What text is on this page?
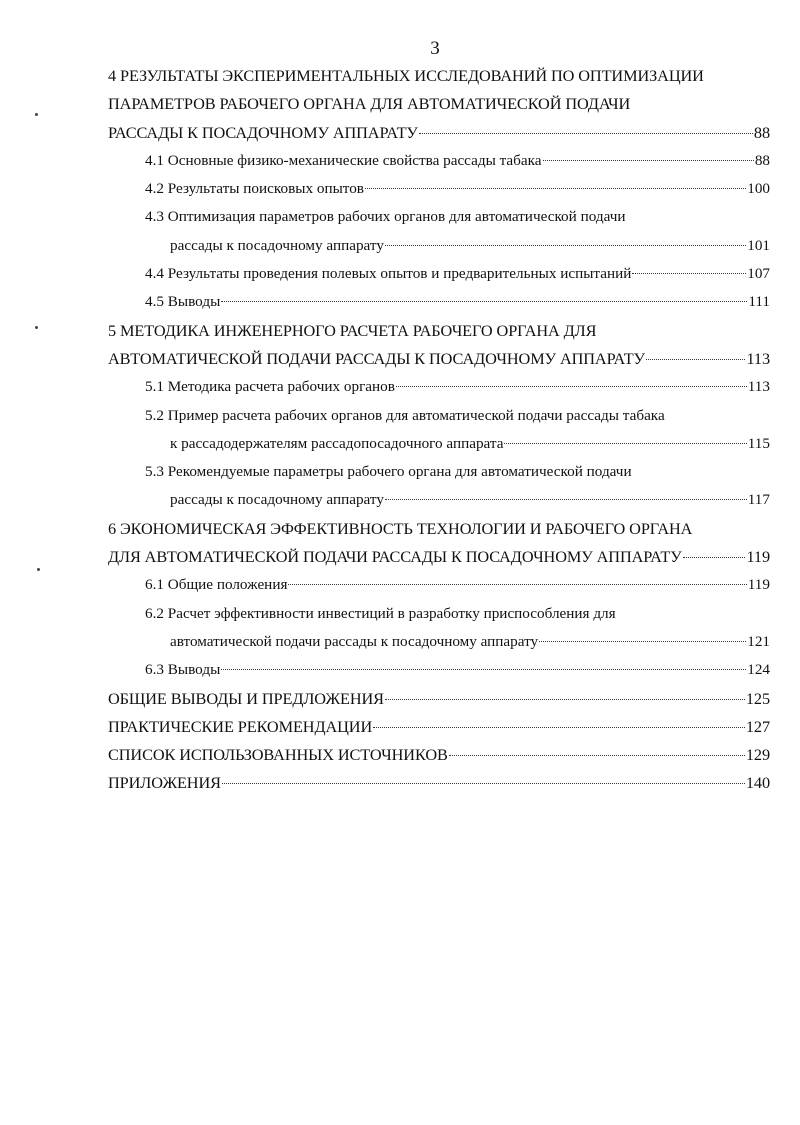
3
4 РЕЗУЛЬТАТЫ ЭКСПЕРИМЕНТАЛЬНЫХ ИССЛЕДОВАНИЙ ПО ОПТИМИЗАЦИИ
ПАРАМЕТРОВ РАБОЧЕГО ОРГАНА ДЛЯ АВТОМАТИЧЕСКОЙ ПОДАЧИ
РАССАДЫ К ПОСАДОЧНОМУ АППАРАТУ	88
4.1 Основные физико-механические свойства рассады табака	88
4.2 Результаты поисковых опытов	100
4.3 Оптимизация параметров рабочих органов для автоматической подачи
рассады к посадочному аппарату	101
4.4 Результаты проведения полевых опытов и предварительных испытаний	107
4.5 Выводы	111
5 МЕТОДИКА ИНЖЕНЕРНОГО РАСЧЕТА РАБОЧЕГО ОРГАНА ДЛЯ
АВТОМАТИЧЕСКОЙ ПОДАЧИ РАССАДЫ К ПОСАДОЧНОМУ АППАРАТУ	113
5.1 Методика расчета рабочих органов	113
5.2 Пример расчета рабочих органов для автоматической подачи рассады табака
к рассадодержателям рассадопосадочного аппарата	115
5.3 Рекомендуемые параметры рабочего органа для автоматической подачи
рассады к посадочному аппарату	117
6 ЭКОНОМИЧЕСКАЯ ЭФФЕКТИВНОСТЬ ТЕХНОЛОГИИ И РАБОЧЕГО ОРГАНА
ДЛЯ АВТОМАТИЧЕСКОЙ ПОДАЧИ РАССАДЫ К ПОСАДОЧНОМУ АППАРАТУ	119
6.1 Общие положения	119
6.2 Расчет эффективности инвестиций в разработку приспособления для
автоматической подачи рассады к посадочному аппарату	121
6.3 Выводы	124
ОБЩИЕ ВЫВОДЫ И ПРЕДЛОЖЕНИЯ	125
ПРАКТИЧЕСКИЕ РЕКОМЕНДАЦИИ	127
СПИСОК ИСПОЛЬЗОВАННЫХ ИСТОЧНИКОВ	129
ПРИЛОЖЕНИЯ	140
